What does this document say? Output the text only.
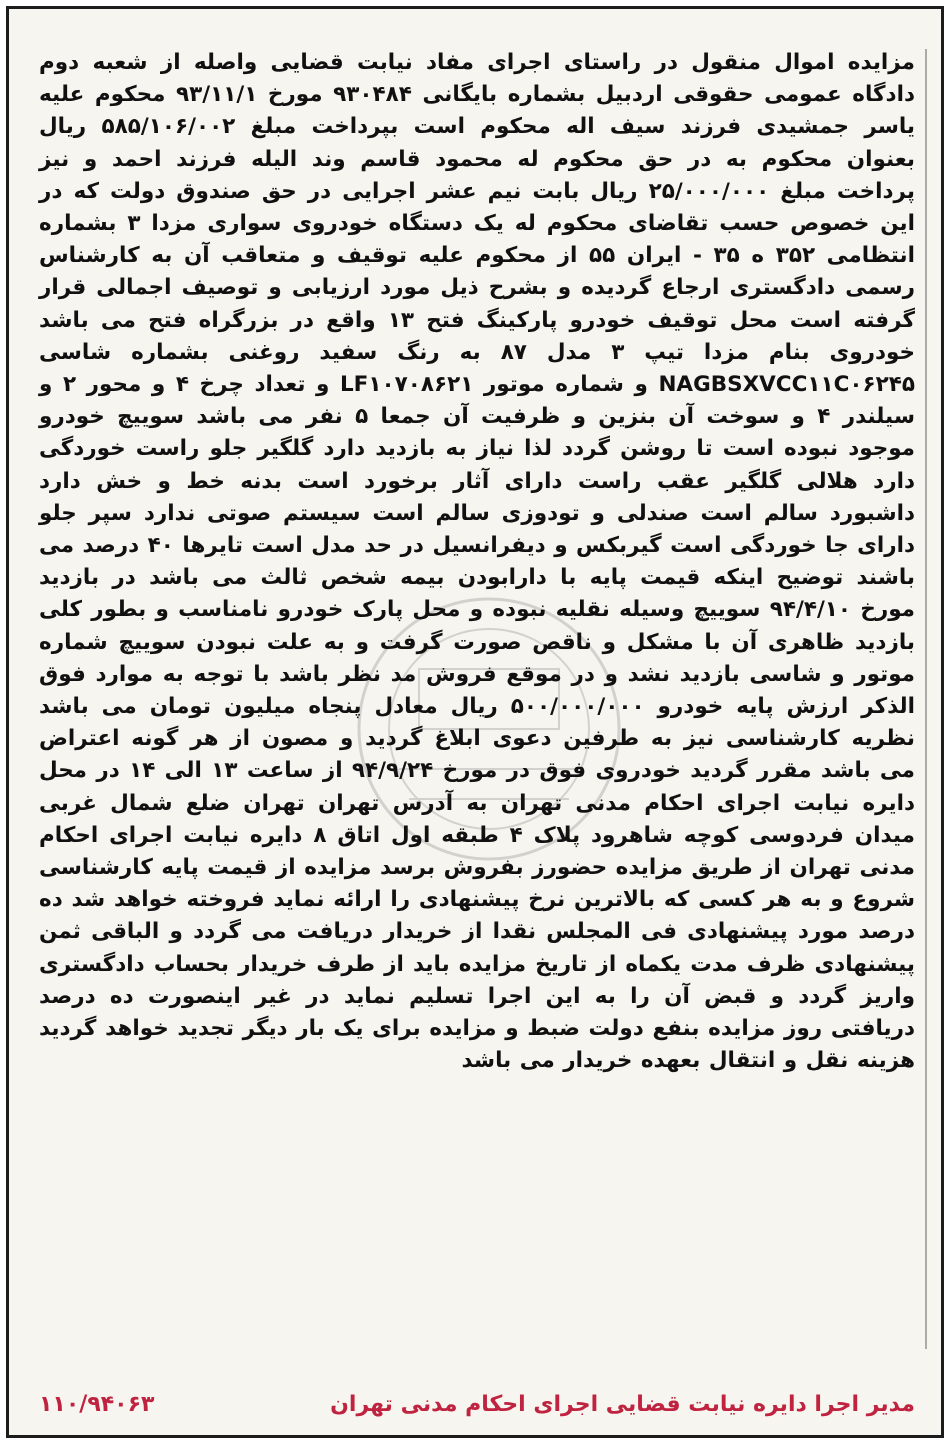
مزایده اموال منقول در راستای اجرای مفاد نیابت قضایی واصله از شعبه دوم دادگاه عمومی حقوقی اردبیل بشماره بایگانی ۹۳۰۴۸۴ مورخ ۹۳/۱۱/۱ محکوم علیه یاسر جمشیدی فرزند سیف اله محکوم است بپرداخت مبلغ ۵۸۵/۱۰۶/۰۰۲ ریال بعنوان محکوم به در حق محکوم له محمود قاسم وند الیله فرزند احمد و نیز پرداخت مبلغ ۲۵/۰۰۰/۰۰۰ ریال بابت نیم عشر اجرایی در حق صندوق دولت که در این خصوص حسب تقاضای محکوم له یک دستگاه خودروی سواری مزدا ۳ بشماره انتظامی ۳۵۲ ه ۳۵ - ایران ۵۵ از محکوم علیه توقیف و متعاقب آن به کارشناس رسمی دادگستری ارجاع گردیده و بشرح ذیل مورد ارزیابی و توصیف اجمالی قرار گرفته است محل توقیف خودرو پارکینگ فتح ۱۳ واقع در بزرگراه فتح می باشد خودروی بنام مزدا تیپ ۳ مدل ۸۷ به رنگ سفید روغنی بشماره شاسی NAGBSXVCC۱۱C۰۶۲۴۵ و شماره موتور LF۱۰۷۰۸۶۲۱ و تعداد چرخ ۴ و محور ۲ و سیلندر ۴ و سوخت آن بنزین و ظرفیت آن جمعا ۵ نفر می باشد سوییچ خودرو موجود نبوده است تا روشن گردد لذا نیاز به بازدید دارد گلگیر جلو راست خوردگی دارد هلالی گلگیر عقب راست دارای آثار برخورد است بدنه خط و خش دارد داشبورد سالم است صندلی و تودوزی سالم است سیستم صوتی ندارد سپر جلو دارای جا خوردگی است گیربکس و دیفرانسیل در حد مدل است تایرها ۴۰ درصد می باشند توضیح اینکه قیمت پایه با دارابودن بیمه شخص ثالث می باشد در بازدید مورخ ۹۴/۴/۱۰ سوییچ وسیله نقلیه نبوده و محل پارک خودرو نامناسب و بطور کلی بازدید ظاهری آن با مشکل و ناقص صورت گرفت و به علت نبودن سوییچ شماره موتور و شاسی بازدید نشد و در موقع فروش مد نظر باشد با توجه به موارد فوق الذکر ارزش پایه خودرو ۵۰۰/۰۰۰/۰۰۰ ریال معادل پنجاه میلیون تومان می باشد نظریه کارشناسی نیز به طرفین دعوی ابلاغ گردید و مصون از هر گونه اعتراض می باشد مقرر گردید خودروی فوق در مورخ ۹۴/۹/۲۴ از ساعت ۱۳ الی ۱۴ در محل دایره نیابت اجرای احکام مدنی تهران به آدرس تهران تهران ضلع شمال غربی میدان فردوسی کوچه شاهرود پلاک ۴ طبقه اول اتاق ۸ دایره نیابت اجرای احکام مدنی تهران از طریق مزایده حضورز بفروش برسد مزایده از قیمت پایه کارشناسی شروع و به هر کسی که بالاترین نرخ پیشنهادی را ارائه نماید فروخته خواهد شد ده درصد مورد پیشنهادی فی المجلس نقدا از خریدار دریافت می گردد و الباقی ثمن پیشنهادی ظرف مدت یکماه از تاریخ مزایده باید از طرف خریدار بحساب دادگستری واریز گردد و قبض آن را به این اجرا تسلیم نماید در غیر اینصورت ده درصد دریافتی روز مزایده بنفع دولت ضبط و مزایده برای یک بار دیگر تجدید خواهد گردید هزینه نقل و انتقال بعهده خریدار می باشد
مدیر اجرا دایره نیابت قضایی اجرای احکام مدنی تهران
۱۱۰/۹۴۰۶۳
